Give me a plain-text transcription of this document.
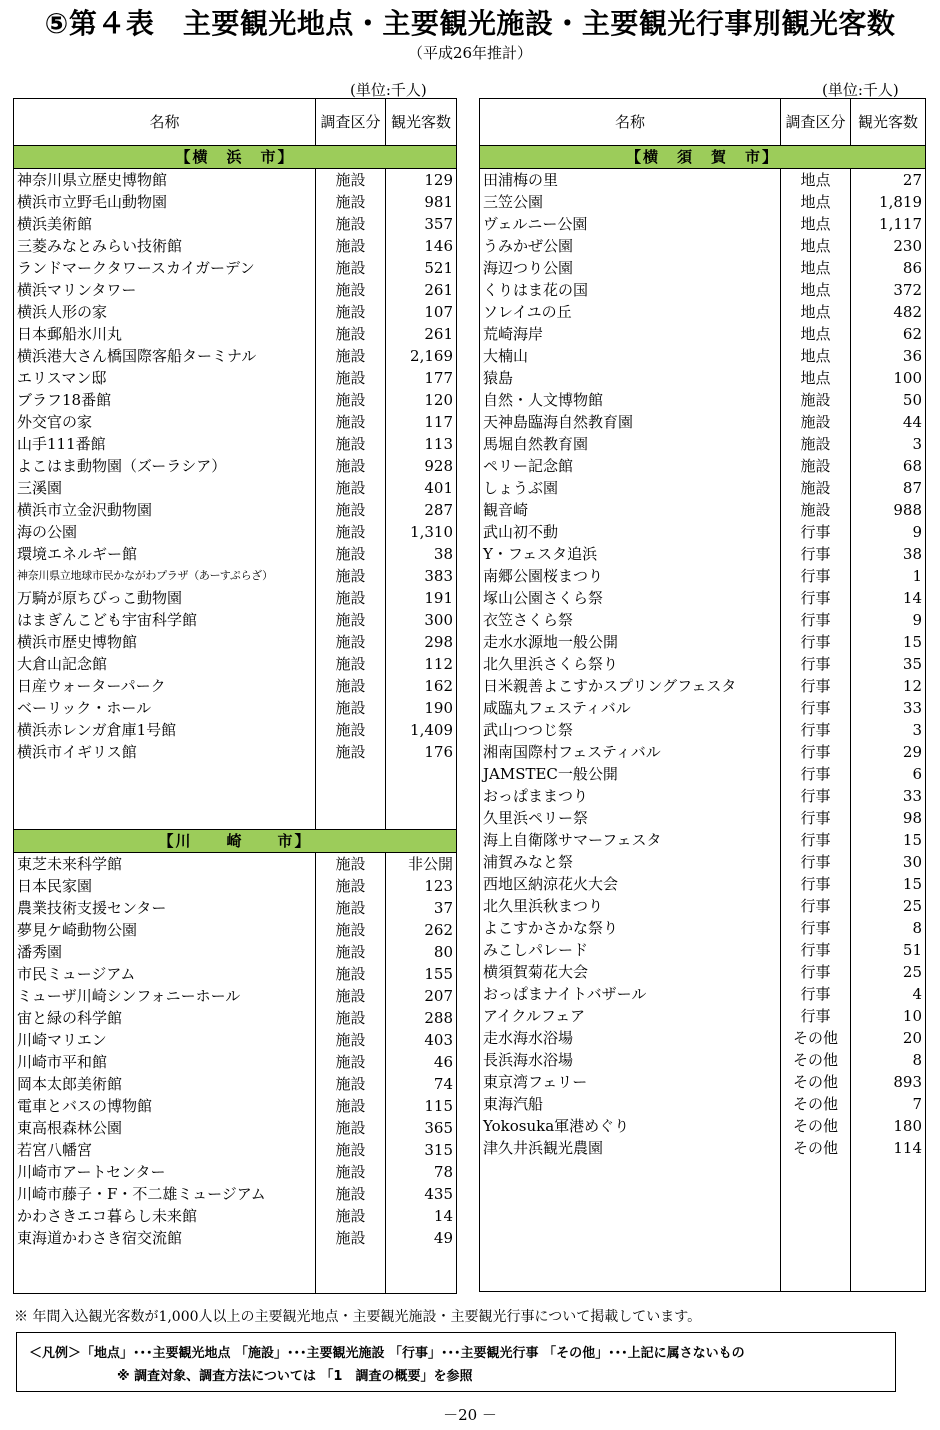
⑤第４表　主要観光地点・主要観光施設・主要観光行事別観光客数
（平成26年推計）
(単位:千人)	(単位:千人)
名称	調査区分	観光客数
【横　浜　市】		
神奈川県立歴史博物館	施設	129
横浜市立野毛山動物園	施設	981
横浜美術館	施設	357
三菱みなとみらい技術館	施設	146
ランドマークタワースカイガーデン	施設	521
横浜マリンタワー	施設	261
横浜人形の家	施設	107
日本郵船氷川丸	施設	261
横浜港大さん橋国際客船ターミナル	施設	2,169
エリスマン邸	施設	177
ブラフ18番館	施設	120
外交官の家	施設	117
山手111番館	施設	113
よこはま動物園（ズーラシア）	施設	928
三溪園	施設	401
横浜市立金沢動物園	施設	287
海の公園	施設	1,310
環境エネルギー館	施設	38
神奈川県立地球市民かながわプラザ（あーすぷらざ）	施設	383
万騎が原ちびっこ動物園	施設	191
はまぎんこども宇宙科学館	施設	300
横浜市歴史博物館	施設	298
大倉山記念館	施設	112
日産ウォーターパーク	施設	162
ベーリック・ホール	施設	190
横浜赤レンガ倉庫1号館	施設	1,409
横浜市イギリス館	施設	176

【川　　崎　　市】		
東芝未来科学館	施設	非公開
日本民家園	施設	123
農業技術支援センター	施設	37
夢見ケ崎動物公園	施設	262
潘秀園	施設	80
市民ミュージアム	施設	155
ミューザ川崎シンフォニーホール	施設	207
宙と緑の科学館	施設	288
川崎マリエン	施設	403
川崎市平和館	施設	46
岡本太郎美術館	施設	74
電車とバスの博物館	施設	115
東高根森林公園	施設	365
若宮八幡宮	施設	315
川崎市アートセンター	施設	78
川崎市藤子・F・不二雄ミュージアム	施設	435
かわさきエコ暮らし未来館	施設	14
東海道かわさき宿交流館	施設	49

名称	調査区分	観光客数
【横　須　賀　市】		
田浦梅の里	地点	27
三笠公園	地点	1,819
ヴェルニー公園	地点	1,117
うみかぜ公園	地点	230
海辺つり公園	地点	86
くりはま花の国	地点	372
ソレイユの丘	地点	482
荒崎海岸	地点	62
大楠山	地点	36
猿島	地点	100
自然・人文博物館	施設	50
天神島臨海自然教育園	施設	44
馬堀自然教育園	施設	3
ペリー記念館	施設	68
しょうぶ園	施設	87
観音崎	施設	988
武山初不動	行事	9
Y・フェスタ追浜	行事	38
南郷公園桜まつり	行事	1
塚山公園さくら祭	行事	14
衣笠さくら祭	行事	9
走水水源地一般公開	行事	15
北久里浜さくら祭り	行事	35
日米親善よこすかスプリングフェスタ	行事	12
咸臨丸フェスティバル	行事	33
武山つつじ祭	行事	3
湘南国際村フェスティバル	行事	29
JAMSTEC一般公開	行事	6
おっぱままつり	行事	33
久里浜ペリー祭	行事	98
海上自衛隊サマーフェスタ	行事	15
浦賀みなと祭	行事	30
西地区納涼花火大会	行事	15
北久里浜秋まつり	行事	25
よこすかさかな祭り	行事	8
みこしパレード	行事	51
横須賀菊花大会	行事	25
おっぱまナイトバザール	行事	4
アイクルフェア	行事	10
走水海水浴場	その他	20
長浜海水浴場	その他	8
東京湾フェリー	その他	893
東海汽船	その他	7
Yokosuka軍港めぐり	その他	180
津久井浜観光農園	その他	114

※ 年間入込観光客数が1,000人以上の主要観光地点・主要観光施設・主要観光行事について掲載しています。
＜凡例＞「地点」･･･主要観光地点 「施設」･･･主要観光施設 「行事」･･･主要観光行事 「その他」･･･上記に属さないもの
※ 調査対象、調査方法については 「1　調査の概要」を参照
－20 －
